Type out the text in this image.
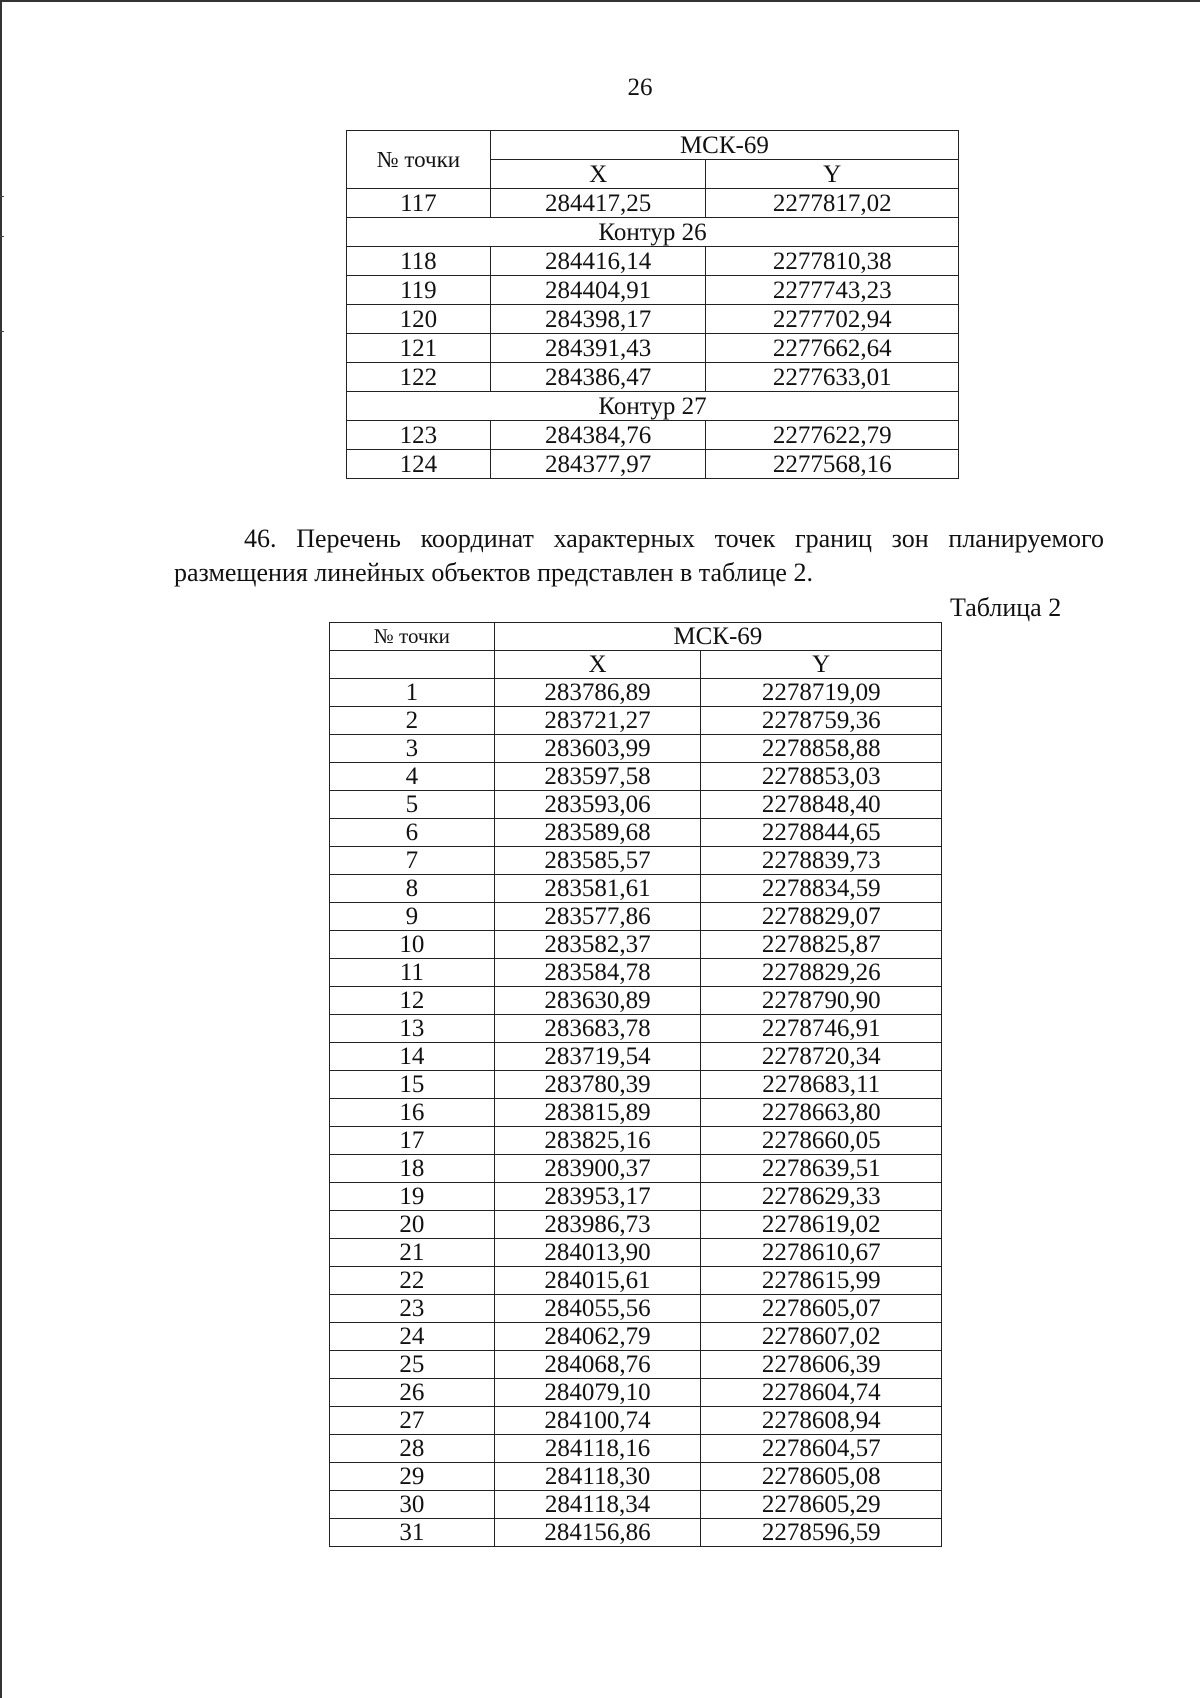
26
№ точки	МСК-69	
	X	Y
117	284417,25	2277817,02
Контур 26		
118	284416,14	2277810,38
119	284404,91	2277743,23
120	284398,17	2277702,94
121	284391,43	2277662,64
122	284386,47	2277633,01
Контур 27		
123	284384,76	2277622,79
124	284377,97	2277568,16

46. Перечень координат характерных точек границ зон планируемого размещения линейных объектов представлен в таблице 2.

Таблица 2
№ точки	МСК-69	
	X	Y
1	283786,89	2278719,09
2	283721,27	2278759,36
3	283603,99	2278858,88
4	283597,58	2278853,03
5	283593,06	2278848,40
6	283589,68	2278844,65
7	283585,57	2278839,73
8	283581,61	2278834,59
9	283577,86	2278829,07
10	283582,37	2278825,87
11	283584,78	2278829,26
12	283630,89	2278790,90
13	283683,78	2278746,91
14	283719,54	2278720,34
15	283780,39	2278683,11
16	283815,89	2278663,80
17	283825,16	2278660,05
18	283900,37	2278639,51
19	283953,17	2278629,33
20	283986,73	2278619,02
21	284013,90	2278610,67
22	284015,61	2278615,99
23	284055,56	2278605,07
24	284062,79	2278607,02
25	284068,76	2278606,39
26	284079,10	2278604,74
27	284100,74	2278608,94
28	284118,16	2278604,57
29	284118,30	2278605,08
30	284118,34	2278605,29
31	284156,86	2278596,59
